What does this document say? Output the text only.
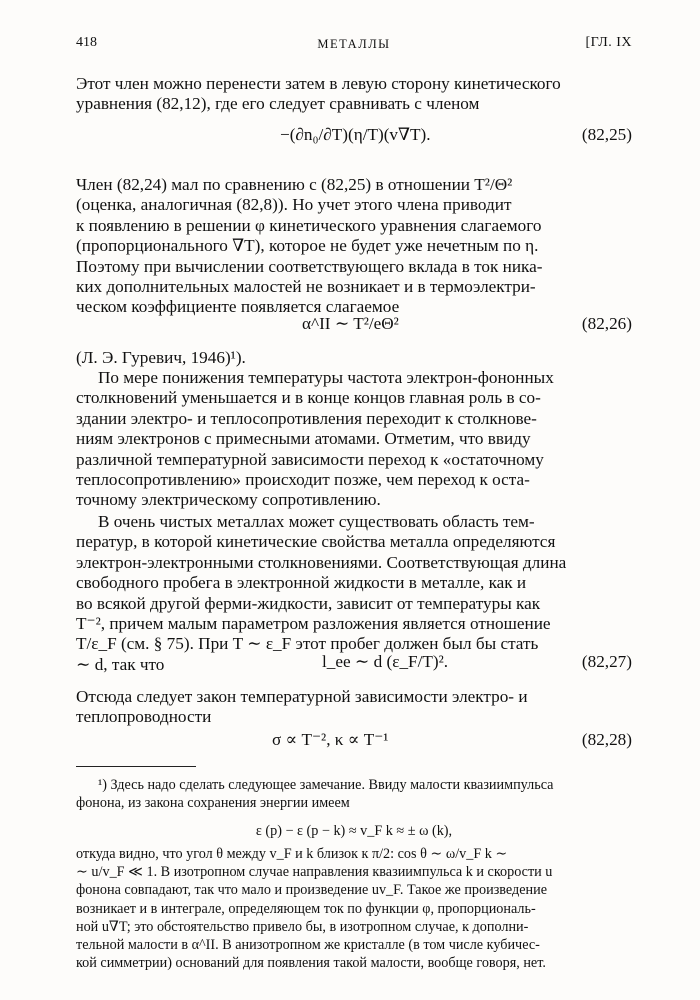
418	МЕТАЛЛЫ	[ГЛ. IX
Этот член можно перенести затем в левую сторону кинетического
уравнения (82,12), где его следует сравнивать с членом
−(∂n₀/∂T)(η/T)(v∇T).	(82,25)
Член (82,24) мал по сравнению с (82,25) в отношении T²/Θ²
(оценка, аналогичная (82,8)). Но учет этого члена приводит
к появлению в решении φ кинетического уравнения слагаемого
(пропорционального ∇T), которое не будет уже нечетным по η.
Поэтому при вычислении соответствующего вклада в ток ника-
ких дополнительных малостей не возникает и в термоэлектри-
ческом коэффициенте появляется слагаемое
α^II ∼ T²/eΘ²	(82,26)
(Л. Э. Гуревич, 1946)¹).
По мере понижения температуры частота электрон-фононных
столкновений уменьшается и в конце концов главная роль в со-
здании электро- и теплосопротивления переходит к столкнове-
ниям электронов с примесными атомами. Отметим, что ввиду
различной температурной зависимости переход к «остаточному
теплосопротивлению» происходит позже, чем переход к оста-
точному электрическому сопротивлению.
В очень чистых металлах может существовать область тем-
ператур, в которой кинетические свойства металла определяются
электрон-электронными столкновениями. Соответствующая длина
свободного пробега в электронной жидкости в металле, как и
во всякой другой ферми-жидкости, зависит от температуры как
T⁻², причем малым параметром разложения является отношение
T/ε_F (см. § 75). При T ∼ ε_F этот пробег должен был бы стать
∼ d, так что	l_ee ∼ d (ε_F/T)².	(82,27)
Отсюда следует закон температурной зависимости электро- и
теплопроводности
σ ∝ T⁻², κ ∝ T⁻¹	(82,28)
¹) Здесь надо сделать следующее замечание. Ввиду малости квазиимпульса
фонона, из закона сохранения энергии имеем
ε (p) − ε (p − k) ≈ v_F k ≈ ± ω (k),
откуда видно, что угол θ между v_F и k близок к π/2: cos θ ∼ ω/v_F k ∼
∼ u/v_F ≪ 1. В изотропном случае направления квазиимпульса k и скорости u
фонона совпадают, так что мало и произведение uv_F. Такое же произведение
возникает и в интеграле, определяющем ток по функции φ, пропорциональ-
ной u∇T; это обстоятельство привело бы, в изотропном случае, к дополни-
тельной малости в α^II. В анизотропном же кристалле (в том числе кубичес-
кой симметрии) оснований для появления такой малости, вообще говоря, нет.
